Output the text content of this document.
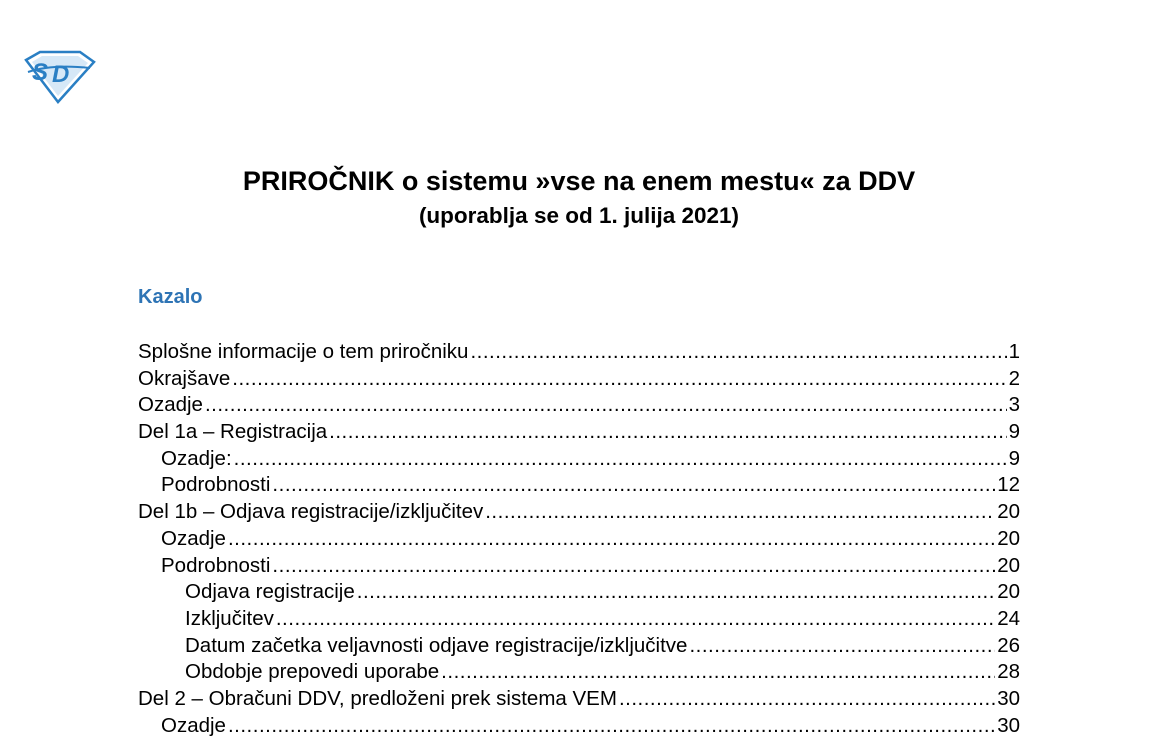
S D
PRIROČNIK o sistemu »vse na enem mestu« za DDV
(uporablja se od 1. julija 2021)
Kazalo
Splošne informacije o tem priročniku .....	1
Okrajšave .....	2
Ozadje .....	3
Del 1a – Registracija .....	9
Ozadje: .....	9
Podrobnosti .....	12
Del 1b – Odjava registracije/izključitev .....	20
Ozadje .....	20
Podrobnosti .....	20
Odjava registracije .....	20
Izključitev .....	24
Datum začetka veljavnosti odjave registracije/izključitve .....	26
Obdobje prepovedi uporabe .....	28
Del 2 – Obračuni DDV, predloženi prek sistema VEM .....	30
Ozadje .....	30
